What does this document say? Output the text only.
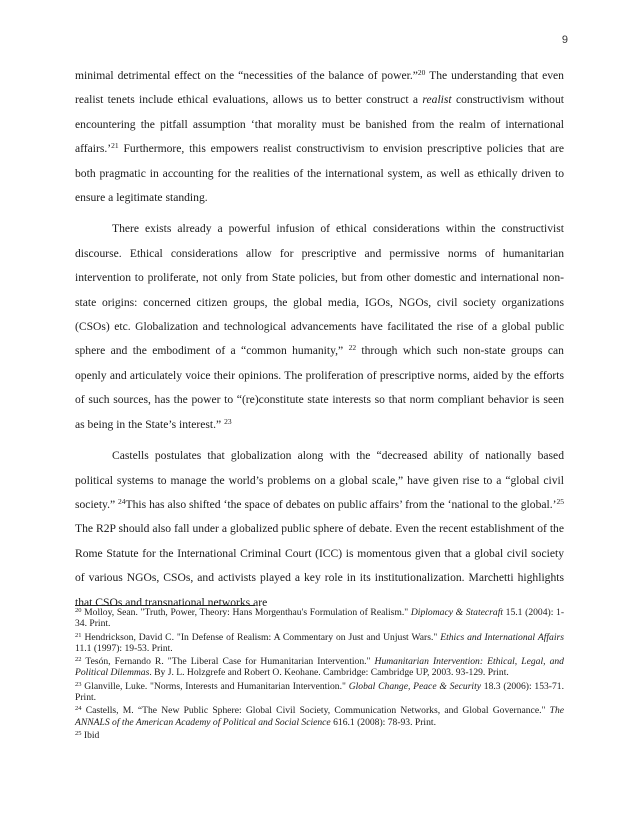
9

minimal detrimental effect on the “necessities of the balance of power.”$^{20}$ The understanding that even realist tenets include ethical evaluations, allows us to better construct a realist constructivism without encountering the pitfall assumption ‘that morality must be banished from the realm of international affairs.’$^{21}$ Furthermore, this empowers realist constructivism to envision prescriptive policies that are both pragmatic in accounting for the realities of the international system, as well as ethically driven to ensure a legitimate standing.

There exists already a powerful infusion of ethical considerations within the constructivist discourse. Ethical considerations allow for prescriptive and permissive norms of humanitarian intervention to proliferate, not only from State policies, but from other domestic and international non-state origins: concerned citizen groups, the global media, IGOs, NGOs, civil society organizations (CSOs) etc. Globalization and technological advancements have facilitated the rise of a global public sphere and the embodiment of a “common humanity,” $^{22}$ through which such non-state groups can openly and articulately voice their opinions. The proliferation of prescriptive norms, aided by the efforts of such sources, has the power to “(re)constitute state interests so that norm compliant behavior is seen as being in the State’s interest.” $^{23}$

Castells postulates that globalization along with the “decreased ability of nationally based political systems to manage the world’s problems on a global scale,” have given rise to a “global civil society.” $^{24}$This has also shifted ‘the space of debates on public affairs’ from the ‘national to the global.’$^{25}$ The R2P should also fall under a globalized public sphere of debate. Even the recent establishment of the Rome Statute for the International Criminal Court (ICC) is momentous given that a global civil society of various NGOs, CSOs, and activists played a key role in its institutionalization. Marchetti highlights that CSOs and transnational networks are

$^{20}$ Molloy, Sean. "Truth, Power, Theory: Hans Morgenthau's Formulation of Realism." Diplomacy & Statecraft 15.1 (2004): 1-34. Print.

$^{21}$ Hendrickson, David C. "In Defense of Realism: A Commentary on Just and Unjust Wars." Ethics and International Affairs 11.1 (1997): 19-53. Print.

$^{22}$ Tesón, Fernando R. "The Liberal Case for Humanitarian Intervention." Humanitarian Intervention: Ethical, Legal, and Political Dilemmas. By J. L. Holzgrefe and Robert O. Keohane. Cambridge: Cambridge UP, 2003. 93-129. Print.

$^{23}$ Glanville, Luke. "Norms, Interests and Humanitarian Intervention." Global Change, Peace & Security 18.3 (2006): 153-71. Print.

$^{24}$ Castells, M. “The New Public Sphere: Global Civil Society, Communication Networks, and Global Governance." The ANNALS of the American Academy of Political and Social Science 616.1 (2008): 78-93. Print.

$^{25}$ Ibid
